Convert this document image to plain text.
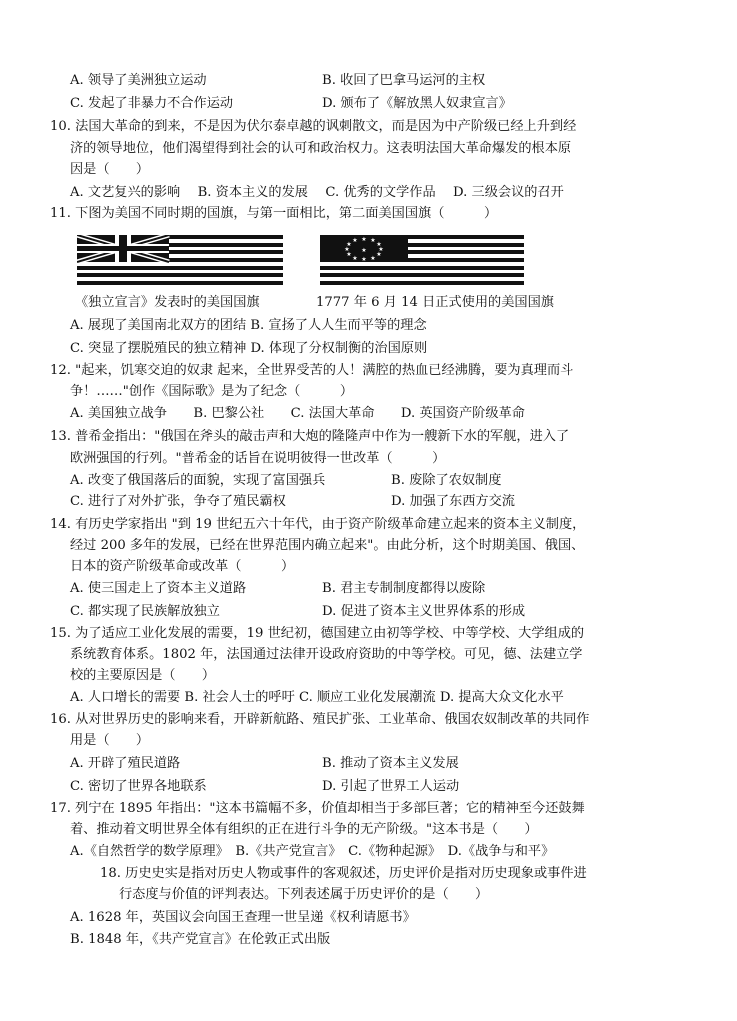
A. 领导了美洲独立运动	B. 收回了巴拿马运河的主权
C. 发起了非暴力不合作运动	D. 颁布了《解放黑人奴隶宣言》
10. 法国大革命的到来，不是因为伏尔泰卓越的讽刺散文，而是因为中产阶级已经上升到经
济的领导地位，他们渴望得到社会的认可和政治权力。这表明法国大革命爆发的根本原
因是（　　）
A. 文艺复兴的影响　 B. 资本主义的发展　 C. 优秀的文学作品　 D. 三级会议的召开
11. 下图为美国不同时期的国旗，与第一面相比，第二面美国国旗（　　　）
★ ★
★
★
★
★
★
★
★
★
★
★
★
《独立宣言》发表时的美国国旗	1777 年 6 月 14 日正式使用的美国国旗
A. 展现了美国南北双方的团结 B. 宣扬了人人生而平等的理念
C. 突显了摆脱殖民的独立精神 D. 体现了分权制衡的治国原则
12. "起来，饥寒交迫的奴隶 起来，全世界受苦的人！满腔的热血已经沸腾，要为真理而斗
争！……"创作《国际歌》是为了纪念（　　　）
A. 美国独立战争　　B. 巴黎公社　　C. 法国大革命　　D. 英国资产阶级革命
13. 普希金指出："俄国在斧头的敲击声和大炮的隆隆声中作为一艘新下水的军舰，进入了
欧洲强国的行列。"普希金的话旨在说明彼得一世改革（　　　）
A. 改变了俄国落后的面貌，实现了富国强兵	B. 废除了农奴制度
C. 进行了对外扩张，争夺了殖民霸权	D. 加强了东西方交流
14. 有历史学家指出 "到 19 世纪五六十年代，由于资产阶级革命建立起来的资本主义制度，
经过 200 多年的发展，已经在世界范围内确立起来"。由此分析，这个时期美国、俄国、
日本的资产阶级革命或改革（　　　）
A. 使三国走上了资本主义道路	B. 君主专制制度都得以废除
C. 都实现了民族解放独立	D. 促进了资本主义世界体系的形成
15. 为了适应工业化发展的需要，19 世纪初，德国建立由初等学校、中等学校、大学组成的
系统教育体系。1802 年，法国通过法律开设政府资助的中等学校。可见，德、法建立学
校的主要原因是（　　）
A. 人口增长的需要 B. 社会人士的呼吁 C. 顺应工业化发展潮流 D. 提高大众文化水平
16. 从对世界历史的影响来看，开辟新航路、殖民扩张、工业革命、俄国农奴制改革的共同作
用是（　　）
A. 开辟了殖民道路	B. 推动了资本主义发展
C. 密切了世界各地联系	D. 引起了世界工人运动
17. 列宁在 1895 年指出："这本书篇幅不多，价值却相当于多部巨著；它的精神至今还鼓舞
着、推动着文明世界全体有组织的正在进行斗争的无产阶级。"这本书是（　　）
A.《自然哲学的数学原理》　B.《共产党宣言》　C.《物种起源》　D.《战争与和平》
18. 历史史实是指对历史人物或事件的客观叙述，历史评价是指对历史现象或事件进
行态度与价值的评判表达。下列表述属于历史评价的是（　　）
A. 1628 年，英国议会向国王查理一世呈递《权利请愿书》
B. 1848 年，《共产党宣言》在伦敦正式出版
